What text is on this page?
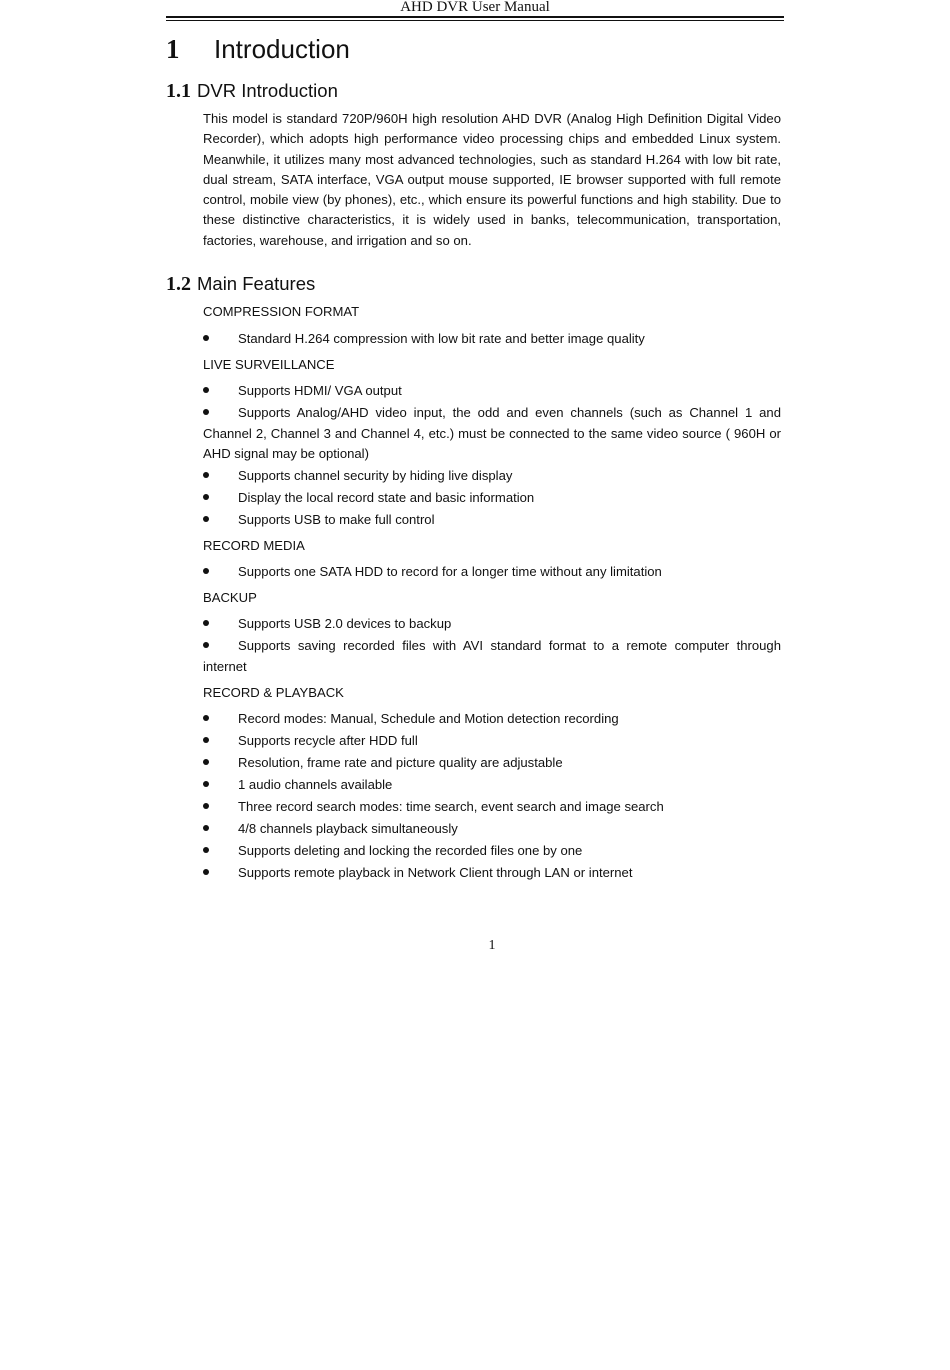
AHD DVR User Manual
1 Introduction
1.1 DVR Introduction
This model is standard 720P/960H high resolution AHD DVR (Analog High Definition Digital Video Recorder), which adopts high performance video processing chips and embedded Linux system. Meanwhile, it utilizes many most advanced technologies, such as standard H.264 with low bit rate, dual stream, SATA interface, VGA output mouse supported, IE browser supported with full remote control, mobile view (by phones), etc., which ensure its powerful functions and high stability. Due to these distinctive characteristics, it is widely used in banks, telecommunication, transportation, factories, warehouse, and irrigation and so on.
1.2 Main Features
COMPRESSION FORMAT
Standard H.264 compression with low bit rate and better image quality
LIVE SURVEILLANCE
Supports HDMI/ VGA output
Supports Analog/AHD video input, the odd and even channels (such as Channel 1 and Channel 2, Channel 3 and Channel 4, etc.) must be connected to the same video source ( 960H or AHD signal may be optional)
Supports channel security by hiding live display
Display the local record state and basic information
Supports USB to make full control
RECORD MEDIA
Supports one SATA HDD to record for a longer time without any limitation
BACKUP
Supports USB 2.0 devices to backup
Supports saving recorded files with AVI standard format to a remote computer through internet
RECORD & PLAYBACK
Record modes: Manual, Schedule and Motion detection recording
Supports recycle after HDD full
Resolution, frame rate and picture quality are adjustable
1 audio channels available
Three record search modes: time search, event search and image search
4/8 channels playback simultaneously
Supports deleting and locking the recorded files one by one
Supports remote playback in Network Client through LAN or internet
1
